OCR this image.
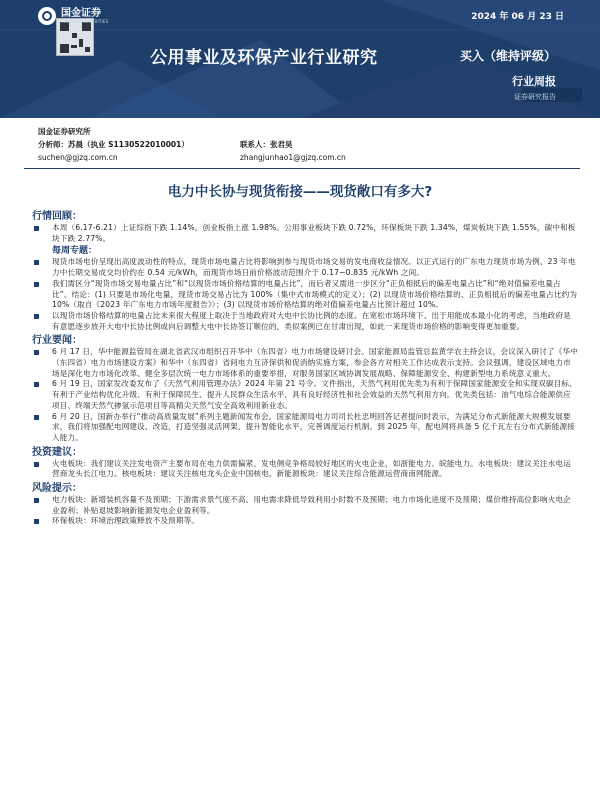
国金证券
SINOLINK SECURITIES	2024 年 06 月 23 日
公用事业及环保产业行业研究	买入（维持评级）
行业周报
证券研究报告
国金证券研究所
分析师：苏晨（执业 S1130522010001）	联系人：张君昊
suchen@gjzq.com.cn	zhangjunhao1@gjzq.com.cn
电力中长协与现货衔接——现货敞口有多大?
行情回顾：
本周（6.17-6.21）上证综指下跌 1.14%，创业板指上涨 1.98%。公用事业板块下跌 0.72%，环保板块下跌 1.34%，煤炭板块下跌 1.55%，碳中和板块下跌 2.77%。
每周专题：
现货市场电价呈现出高度波动性的特点，现货市场电量占比将影响到参与现货市场交易的发电商收益情况。以正式运行的广东电力现货市场为例，23 年电力中长期交易成交均价约在 0.54 元/kWh，而现货市场日前价格波动范围介于 0.17~0.835 元/kWh 之间。
我们需区分“现货市场交易电量占比”和“以现货市场价格结算的电量占比”，而后者又需进一步区分“正负相抵后的偏差电量占比”和“绝对值偏差电量占比”。结论：(1) 只要是市场化电量，现货市场交易占比为 100%（集中式市场模式的定义）；(2) 以现货市场价格结算的、正负相抵后的偏差电量占比约为 10%（取自《2023 年广东电力市场年度报告》）；(3) 以现货市场价格结算的绝对值偏差电量占比预计超过 10%。
以现货市场价格结算的电量占比未来很大程度上取决于当地政府对大电中长协比例的态度。在宽松市场环境下、出于用能成本最小化的考虑，当地政府是有意愿逐步放开大电中长协比例或向后调整大电中长协签订顺位的，类似案例已在甘肃出现，如此一来现货市场价格的影响变得更加重要。
行业要闻：
6 月 17 日，华中能源监管局在湖北省武汉市组织召开华中（东四省）电力市场建设研讨会。国家能源局监管总监黄学农主持会议，会议深入研讨了《华中（东四省）电力市场建设方案》和华中（东四省）省间电力互济保供和促消纳实施方案，参会各方对相关工作达成表示支持。会议强调，建设区域电力市场是深化电力市场化改革、健全多层次统一电力市场体系的重要举措，对服务国家区域协调发展战略、保障能源安全、构建新型电力系统意义重大。
6 月 19 日，国家发改委发布了《天然气利用管理办法》2024 年第 21 号令。文件指出，天然气利用优先类为有利于保障国家能源安全和实现双碳目标、有利于产业结构优化升级、有利于保障民生、提升人民群众生活水平、具有良好经济性和社会效益的天然气利用方向。优先类包括：油气电综合能源供应项目、终端天然气掺氢示范项目等高精尖天然气安全高效利用新业态。
6 月 20 日，国新办举行“推动高质量发展”系列主题新闻发布会。国家能源局电力司司长杜忠明回答记者提问时表示，为满足分布式新能源大规模发展要求，我们将加强配电网建设、改造，打造坚强灵活网架，提升智能化水平，完善调度运行机制。到 2025 年，配电网将具备 5 亿千瓦左右分布式新能源接入能力。
投资建议：
火电板块：我们建议关注发电资产主要布局在电力供需偏紧、发电侧竞争格局较好地区的火电企业，如浙能电力、皖能电力。水电板块：建议关注水电运营商龙头长江电力。核电板块：建议关注核电龙头企业中国核电。新能源板块：建议关注综合能源运营商南网能源。
风险提示：
电力板块：新增装机容量不及预期；下游需求景气度不高、用电需求降低导致利用小时数不及预期；电力市场化进度不及预期；煤价维持高位影响火电企业盈利；补贴退坡影响新能源发电企业盈利等。
环保板块：环境治理政策释放不及预期等。
